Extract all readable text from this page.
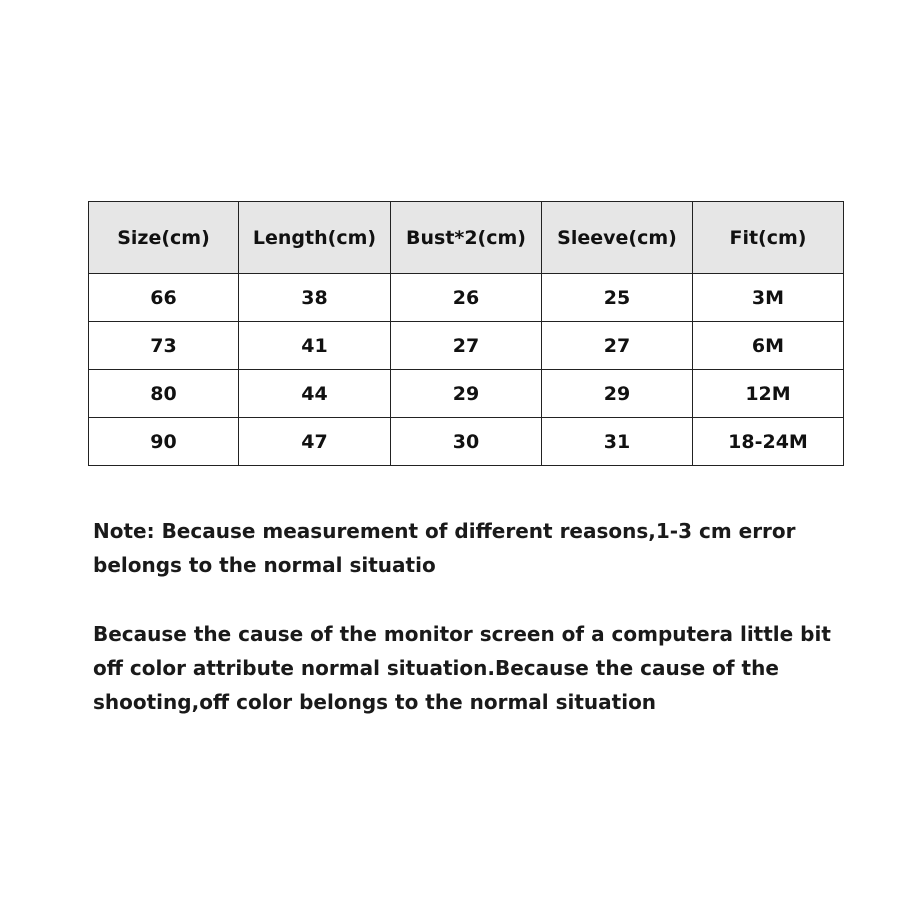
Size(cm)	Length(cm)	Bust*2(cm)	Sleeve(cm)	Fit(cm)
66	38	26	25	3M
73	41	27	27	6M
80	44	29	29	12M
90	47	30	31	18-24M

Note: Because measurement of different reasons,1-3 cm error belongs to the normal situatio

Because the cause of the monitor screen of a computera little bit off color attribute normal situation.Because the cause of the shooting,off color belongs to the normal situation
